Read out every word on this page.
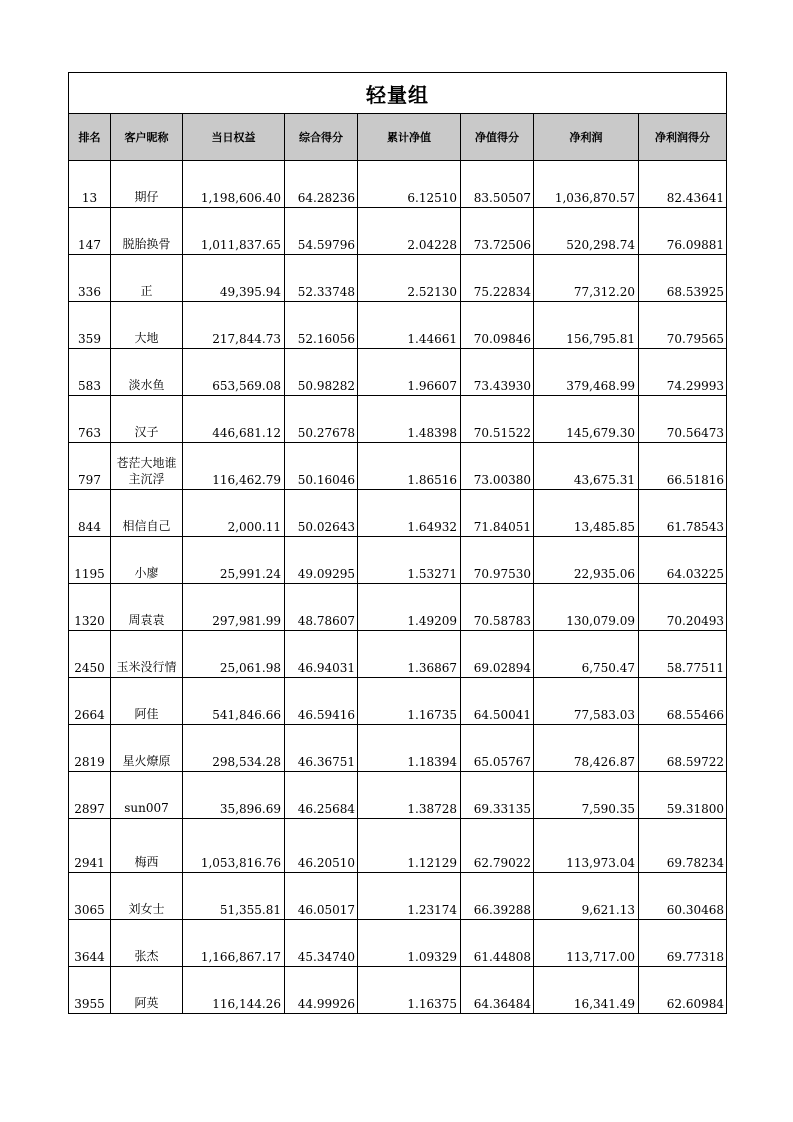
轻量组							
排名	客户昵称	当日权益	综合得分	累计净值	净值得分	净利润	净利润得分
13	期仔	1,198,606.40	64.28236	6.12510	83.50507	1,036,870.57	82.43641
147	脱胎换骨	1,011,837.65	54.59796	2.04228	73.72506	520,298.74	76.09881
336	正	49,395.94	52.33748	2.52130	75.22834	77,312.20	68.53925
359	大地	217,844.73	52.16056	1.44661	70.09846	156,795.81	70.79565
583	淡水鱼	653,569.08	50.98282	1.96607	73.43930	379,468.99	74.29993
763	汉子	446,681.12	50.27678	1.48398	70.51522	145,679.30	70.56473
797	苍茫大地谁主沉浮	116,462.79	50.16046	1.86516	73.00380	43,675.31	66.51816
844	相信自己	2,000.11	50.02643	1.64932	71.84051	13,485.85	61.78543
1195	小廖	25,991.24	49.09295	1.53271	70.97530	22,935.06	64.03225
1320	周袁袁	297,981.99	48.78607	1.49209	70.58783	130,079.09	70.20493
2450	玉米没行情	25,061.98	46.94031	1.36867	69.02894	6,750.47	58.77511
2664	阿佳	541,846.66	46.59416	1.16735	64.50041	77,583.03	68.55466
2819	星火燎原	298,534.28	46.36751	1.18394	65.05767	78,426.87	68.59722
2897	sun007	35,896.69	46.25684	1.38728	69.33135	7,590.35	59.31800
2941	梅西	1,053,816.76	46.20510	1.12129	62.79022	113,973.04	69.78234
3065	刘女士	51,355.81	46.05017	1.23174	66.39288	9,621.13	60.30468
3644	张杰	1,166,867.17	45.34740	1.09329	61.44808	113,717.00	69.77318
3955	阿英	116,144.26	44.99926	1.16375	64.36484	16,341.49	62.60984
